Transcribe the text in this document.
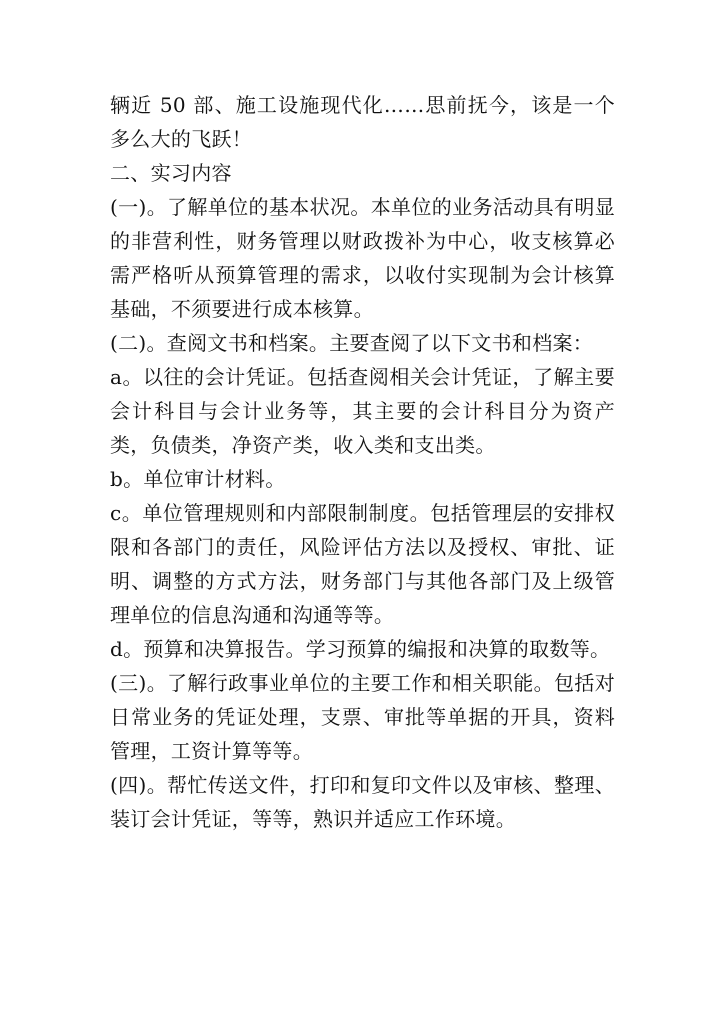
辆近 50 部、施工设施现代化……思前抚今，该是一个多么大的飞跃！

二、实习内容

(一)。了解单位的基本状况。本单位的业务活动具有明显的非营利性，财务管理以财政拨补为中心，收支核算必需严格听从预算管理的需求，以收付实现制为会计核算基础，不须要进行成本核算。

(二)。查阅文书和档案。主要查阅了以下文书和档案：

a。以往的会计凭证。包括查阅相关会计凭证，了解主要会计科目与会计业务等，其主要的会计科目分为资产类，负债类，净资产类，收入类和支出类。

b。单位审计材料。

c。单位管理规则和内部限制制度。包括管理层的安排权限和各部门的责任，风险评估方法以及授权、审批、证明、调整的方式方法，财务部门与其他各部门及上级管理单位的信息沟通和沟通等等。

d。预算和决算报告。学习预算的编报和决算的取数等。

(三)。了解行政事业单位的主要工作和相关职能。包括对日常业务的凭证处理，支票、审批等单据的开具，资料管理，工资计算等等。

(四)。帮忙传送文件，打印和复印文件以及审核、整理、装订会计凭证，等等，熟识并适应工作环境。
